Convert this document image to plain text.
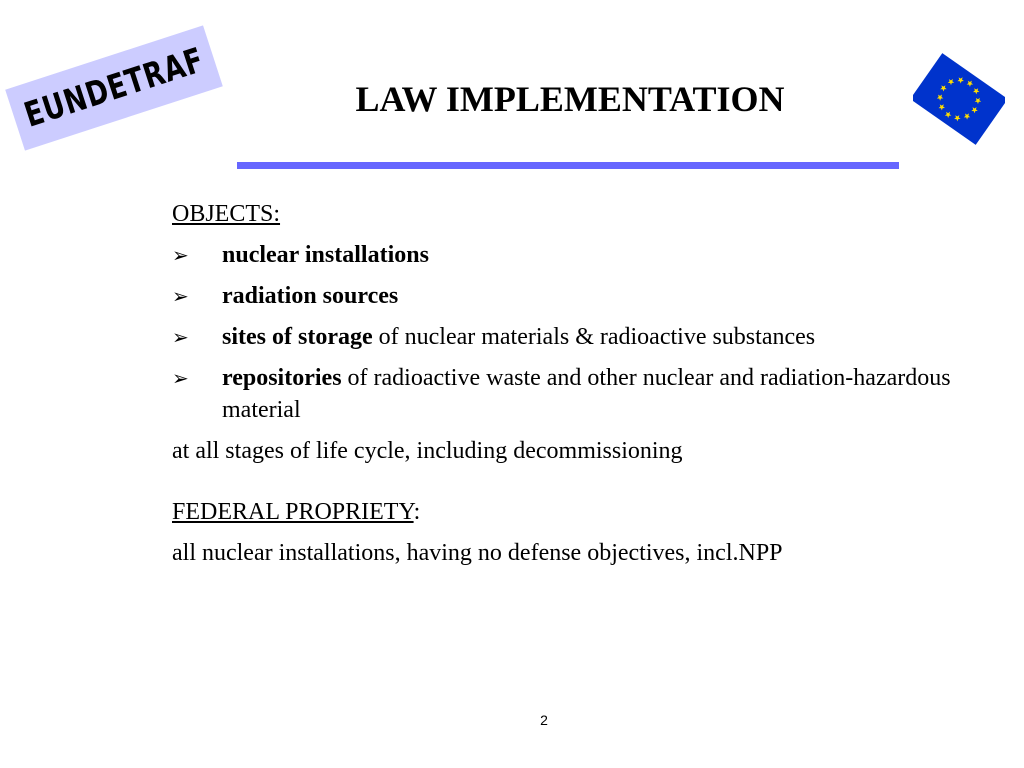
EUNDETRAF	LAW IMPLEMENTATION
OBJECTS:
➢ nuclear installations
➢ radiation sources
➢ sites of storage of nuclear materials & radioactive substances
➢ repositories of radioactive waste and other nuclear and radiation-hazardous material
at all stages of life cycle, including decommissioning
FEDERAL PROPRIETY:
all nuclear installations, having no defense objectives, incl.NPP
2
